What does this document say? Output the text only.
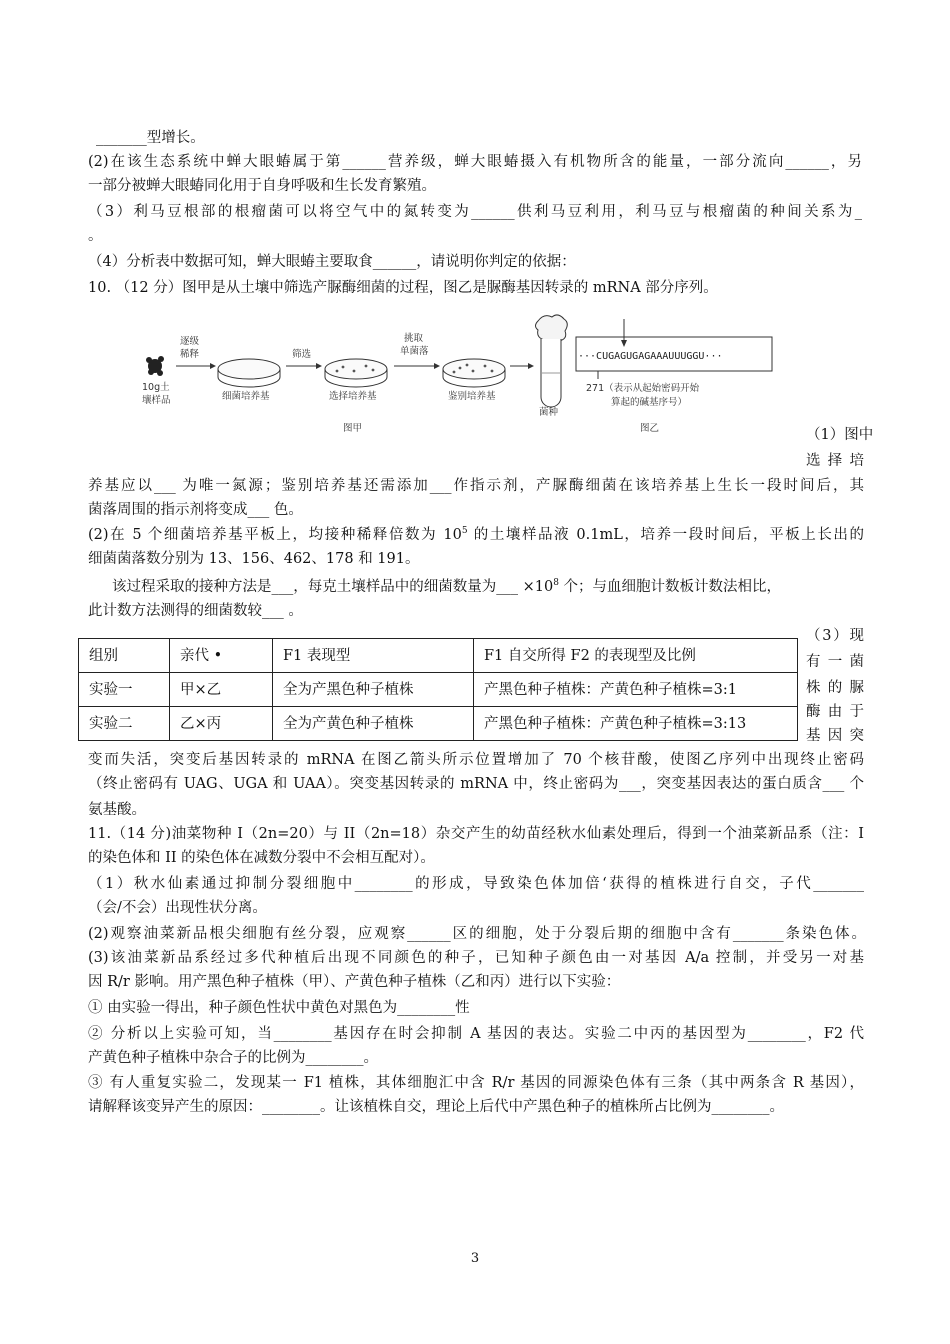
_______型增长。
(2)在该生态系统中蝉大眼蝽属于第______营养级，蝉大眼蝽摄入有机物所含的能量，一部分流向______，另
一部分被蝉大眼蝽同化用于自身呼吸和生长发育繁殖。
（3）利马豆根部的根瘤菌可以将空气中的氮转变为______供利马豆利用，利马豆与根瘤菌的种间关系为_
。
（4）分析表中数据可知，蝉大眼蝽主要取食______，请说明你判定的依据：
10. （12 分）图甲是从土壤中筛选产脲酶细菌的过程，图乙是脲酶基因转录的 mRNA 部分序列。
10g土
壤样品
逐级
稀释
细菌培养基
筛选
选择培养基
挑取
单菌落
鉴别培养基
菌种
图甲
···CUGAGUGAGAAAUUUGGU···
271（表示从起始密码开始
算起的碱基序号）
图乙	（1）图中
选 择 培
养基应以___ 为唯一氮源；鉴别培养基还需添加___作指示剂，产脲酶细菌在该培养基上生长一段时间后，其
菌落周围的指示剂将变成___ 色。
(2)在 5 个细菌培养基平板上，均接种稀释倍数为 $10^5$ 的土壤样品液 0.1mL，培养一段时间后，平板上长出的
细菌菌落数分别为 13、156、462、178 和 191。
该过程采取的接种方法是___，每克土壤样品中的细菌数量为___ $\times 10^8$ 个；与血细胞计数板计数法相比，
此计数方法测得的细菌数较___ 。
（3）现
有 一 菌
株 的 脲
酶 由 于
基 因 突
组别	亲代 •	F1 表现型	F1 自交所得 F2 的表现型及比例
实验一	甲×乙	全为产黑色种子植株	产黑色种子植株：产黄色种子植株=3:1
实验二	乙×丙	全为产黄色种子植株	产黑色种子植株：产黄色种子植株=3:13
变而失活，突变后基因转录的 mRNA 在图乙箭头所示位置增加了 70 个核苷酸，使图乙序列中出现终止密码
（终止密码有 UAG、UGA 和 UAA）。突变基因转录的 mRNA 中，终止密码为___，突变基因表达的蛋白质含___ 个
氨基酸。
11.（14 分)油菜物种 I（2n=20）与 II（2n=18）杂交产生的幼苗经秋水仙素处理后，得到一个油菜新品系（注：I
的染色体和 II 的染色体在减数分裂中不会相互配对）。
（1）秋水仙素通过抑制分裂细胞中________的形成，导致染色体加倍‘获得的植株进行自交，子代_______
（会/不会）出现性状分离。
(2)观察油菜新品根尖细胞有丝分裂，应观察______区的细胞，处于分裂后期的细胞中含有_______条染色体。
(3)该油菜新品系经过多代种植后出现不同颜色的种子，已知种子颜色由一对基因 A/a 控制，并受另一对基
因 R/r 影响。用产黑色种子植株（甲）、产黄色种子植株（乙和丙）进行以下实验：
① 由实验一得出，种子颜色性状中黄色对黑色为________性
② 分析以上实验可知，当________基因存在时会抑制 A 基因的表达。实验二中丙的基因型为________，F2 代
产黄色种子植株中杂合子的比例为________。
③ 有人重复实验二，发现某一 F1 植株，其体细胞汇中含 R/r 基因的同源染色体有三条（其中两条含 R 基因），
请解释该变异产生的原因：________。让该植株自交，理论上后代中产黑色种子的植株所占比例为________。
3
